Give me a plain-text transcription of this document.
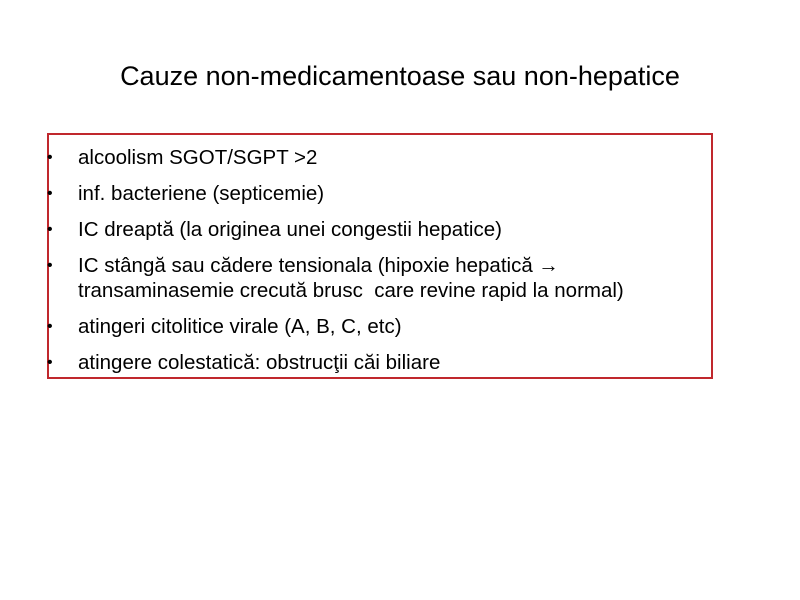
Cauze non-medicamentoase sau non-hepatice
• alcoolism SGOT/SGPT >2
• inf. bacteriene (septicemie)
• IC dreaptă (la originea unei congestii hepatice)
• IC stângă sau cădere tensionala (hipoxie hepatică →
transaminasemie crecută brusc  care revine rapid la normal)
• atingeri citolitice virale (A, B, C, etc)
• atingere colestatică: obstrucţii căi biliare
